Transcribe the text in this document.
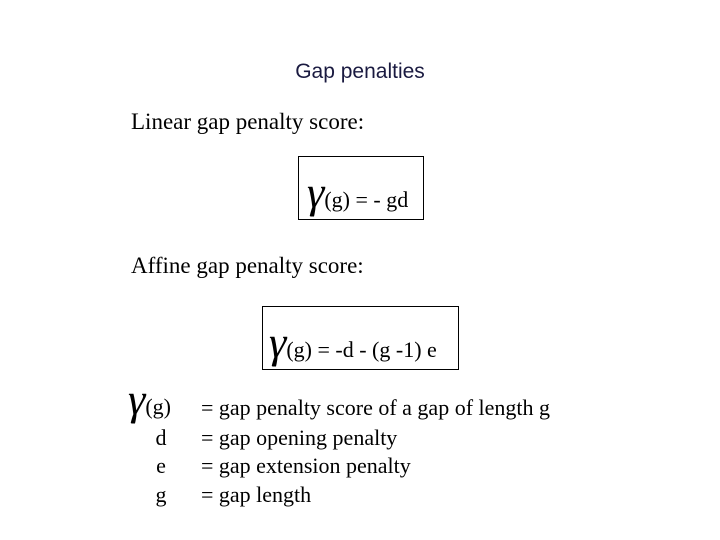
Gap penalties
Linear gap penalty score:
γ(g) = - gd
Affine gap penalty score:
γ(g) = -d - (g -1) e
γ(g) = gap penalty score of a gap of length g
d = gap opening penalty
e = gap extension penalty
g = gap length
